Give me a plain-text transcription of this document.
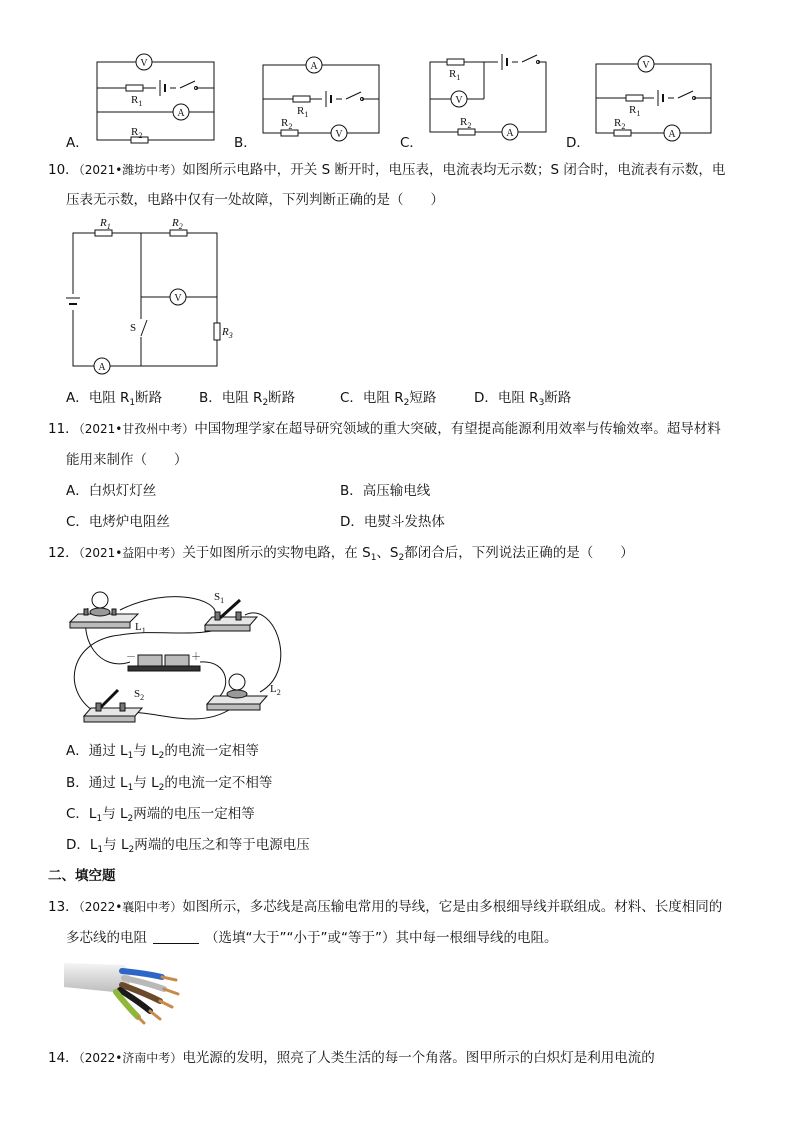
V
A
A
V
V
A
V
A
$R_1$
$R_2$
$R_1$
$R_2$
$R_1$
$R_2$
$R_1$
$R_2$
A．	B．	C．	D．
10．（2021•潍坊中考）如图所示电路中，开关 S 断开时，电压表，电流表均无示数；S 闭合时，电流表有示数，电
压表无示数，电路中仅有一处故障，下列判断正确的是（　　）
V
A
$R_1$	$R_2$
$R_3$
S
A．电阻 $R_1$断路	B．电阻 $R_2$断路	C．电阻 $R_2$短路	D．电阻 $R_3$断路
11．（2021•甘孜州中考）中国物理学家在超导研究领域的重大突破，有望提高能源利用效率与传输效率。超导材料
能用来制作（　　）
A．白炽灯灯丝	B．高压输电线
C．电烤炉电阻丝	D．电熨斗发热体
12．（2021•益阳中考）关于如图所示的实物电路，在 $S_1$、$S_2$都闭合后，下列说法正确的是（　　）
$L_1$
$S_1$
$L_2$
$S_2$
－	＋
A．通过 $L_1$与 $L_2$的电流一定相等
B．通过 $L_1$与 $L_2$的电流一定不相等
C．$L_1$与 $L_2$两端的电压一定相等
D．$L_1$与 $L_2$两端的电压之和等于电源电压
二、填空题
13．（2022•襄阳中考）如图所示，多芯线是高压输电常用的导线，它是由多根细导线并联组成。材料、长度相同的
多芯线的电阻	（选填“大于”“小于”或“等于”）其中每一根细导线的电阻。
14．（2022•济南中考）电光源的发明，照亮了人类生活的每一个角落。图甲所示的白炽灯是利用电流的
